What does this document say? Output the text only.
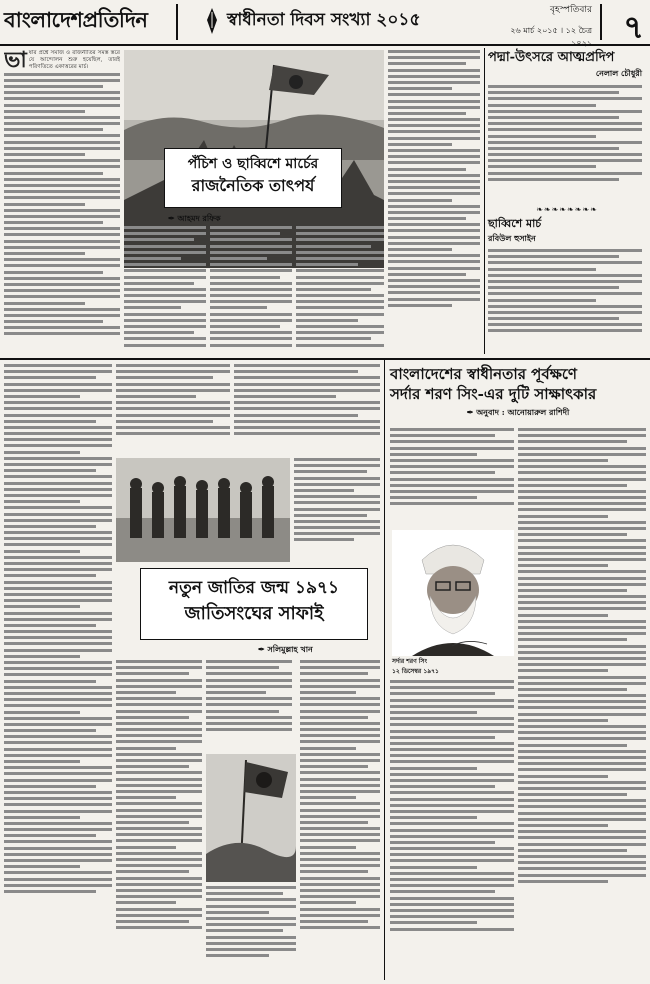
বাংলাদেশপ্রতিদিন	স্বাধীনতা দিবস সংখ্যা ২০১৫	বৃহস্পতিবার
২৬ মার্চ ২০১৫ । ১২ চৈত্র ১৪২১ ৭

ভাষার প্রশ্নে সমাজ ও রাজনীতির সমস্ত স্তরে যে আন্দোলন শুরু হয়েছিল, তারই পরিণতিতে একাত্তরের মার্চ।

পঁচিশ ও ছাব্বিশে মার্চের
রাজনৈতিক তাৎপর্য
✒ আহমদ রফিক
পদ্মা-উৎসরে আত্মপ্রদিপ
নেলাল চৌধুরী
❧❧❧❧❧❧❧❧
ছাব্বিশে মার্চ
রবিউল হুসাইন
নতুন জাতির জন্ম ১৯৭১
জাতিসংঘের সাফাই
✒ সলিমুল্লাহ খান
বাংলাদেশের স্বাধীনতার পূর্বক্ষণে
সর্দার শরণ সিং-এর দুটি সাক্ষাৎকার
✒ অনুবাদ : আনোয়ারুল রাশিদী
সর্দার শরণ সিং
১২ ডিসেম্বর ১৯৭১
